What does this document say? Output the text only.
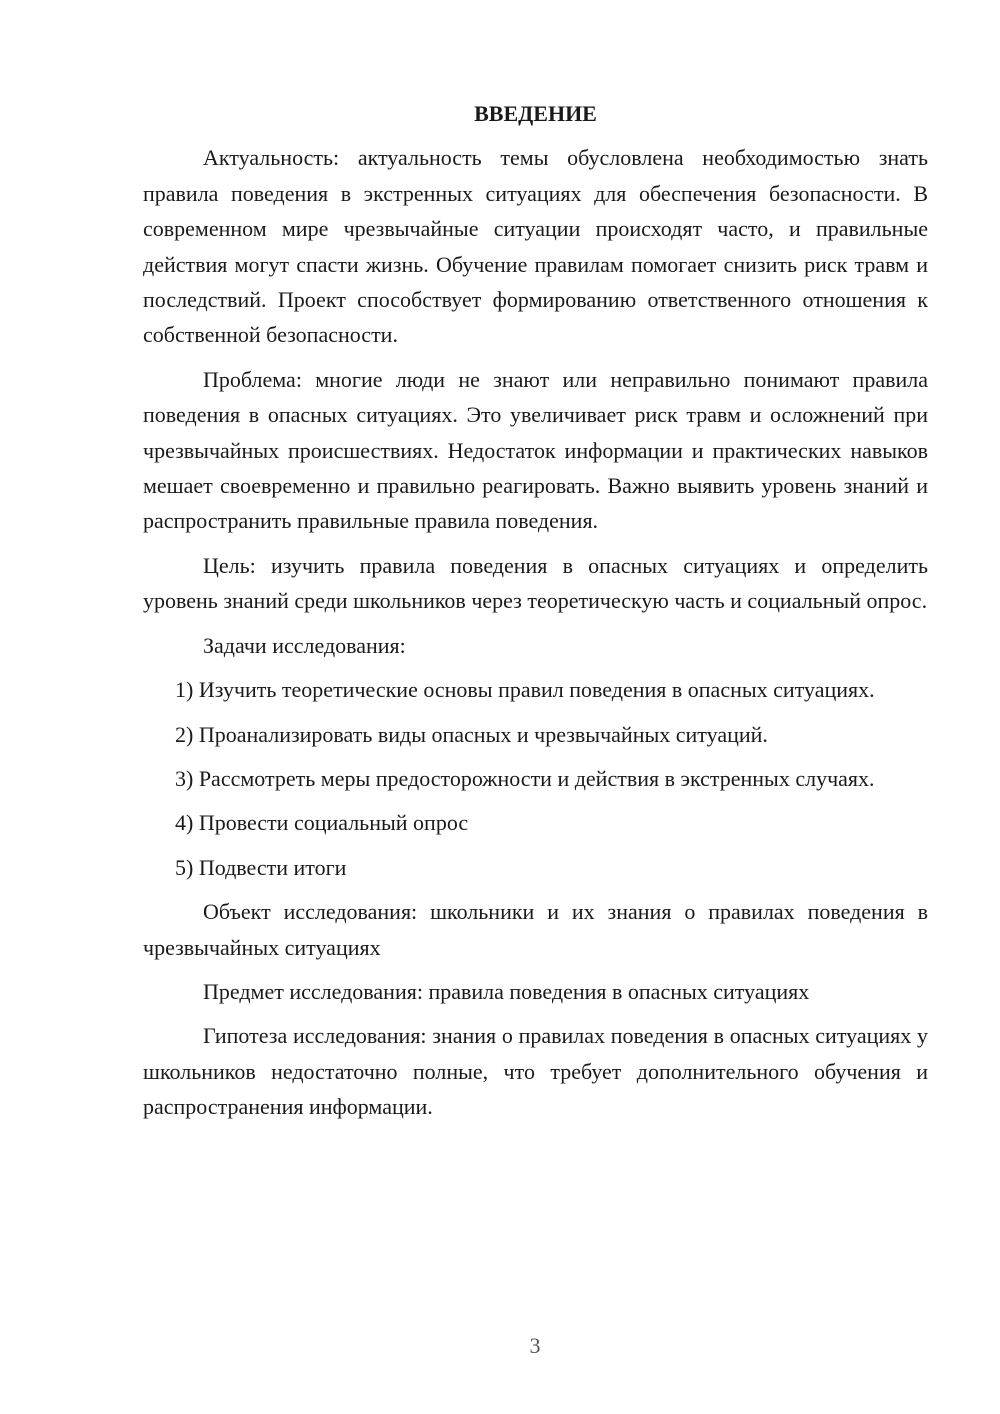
ВВЕДЕНИЕ

Актуальность: актуальность темы обусловлена необходимостью знать правила поведения в экстренных ситуациях для обеспечения безопасности. В современном мире чрезвычайные ситуации происходят часто, и правильные действия могут спасти жизнь. Обучение правилам помогает снизить риск травм и последствий. Проект способствует формированию ответственного отношения к собственной безопасности.

Проблема: многие люди не знают или неправильно понимают правила поведения в опасных ситуациях. Это увеличивает риск травм и осложнений при чрезвычайных происшествиях. Недостаток информации и практических навыков мешает своевременно и правильно реагировать. Важно выявить уровень знаний и распространить правильные правила поведения.

Цель: изучить правила поведения в опасных ситуациях и определить уровень знаний среди школьников через теоретическую часть и социальный опрос.

Задачи исследования:

1) Изучить теоретические основы правил поведения в опасных ситуациях.

2) Проанализировать виды опасных и чрезвычайных ситуаций.

3) Рассмотреть меры предосторожности и действия в экстренных случаях.

4) Провести социальный опрос

5) Подвести итоги

Объект исследования: школьники и их знания о правилах поведения в чрезвычайных ситуациях

Предмет исследования: правила поведения в опасных ситуациях

Гипотеза исследования: знания о правилах поведения в опасных ситуациях у школьников недостаточно полные, что требует дополнительного обучения и распространения информации.

3
